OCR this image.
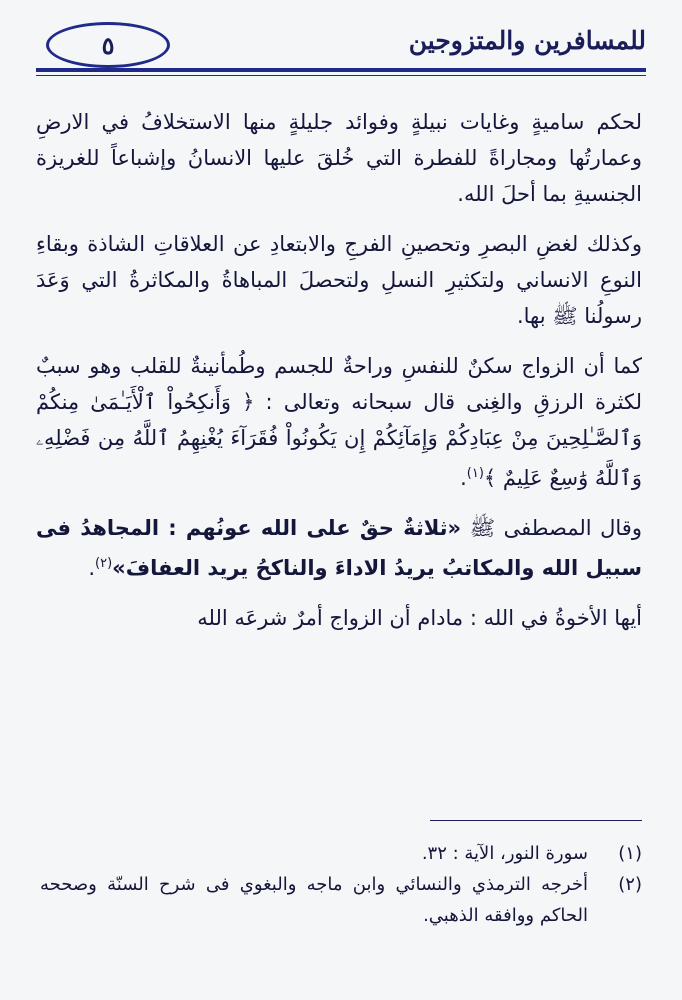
للمسافرين والمتزوجين
٥

لحكم ساميةٍ وغايات نبيلةٍ وفوائد جليلةٍ منها الاستخلافُ في الارضِ وعمارتُها ومجاراةً للفطرة التي خُلقَ عليها الانسانُ وإشباعاً للغريزة الجنسيةِ بما أحلَ الله.

وكذلك لغضِ البصرِ وتحصينِ الفرجِ والابتعادِ عن العلاقاتِ الشاذة وبقاءِ النوعِ الانساني ولتكثيرِ النسلِ ولتحصلَ المباهاةُ والمكاثرةُ التي وَعَدَ رسولُنا ﷺ بها.

كما أن الزواج سكنٌ للنفسِ وراحةٌ للجسم وطُمأنينةٌ للقلب وهو سببٌ لكثرة الرزقِ والغِنى قال سبحانه وتعالى : ﴿ وَأَنكِحُواْ ٱلْأَيَـٰمَىٰ مِنكُمْ وَٱلصَّـٰلِحِينَ مِنْ عِبَادِكُمْ وَإِمَآئِكُمْ إِن يَكُونُواْ فُقَرَآءَ يُغْنِهِمُ ٱللَّهُ مِن فَضْلِهِۦ وَٱللَّهُ وَٰسِعٌ عَلِيمٌ ﴾$^{(١)}$.

وقال المصطفى ﷺ «ثلاثةٌ حقٌ على الله عونُهم : المجاهدُ فى سبيل الله والمكاتبُ يريدُ الاداءَ والناكحُ يريد العفافَ»$^{(٢)}$.

أيها الأخوةُ في الله : مادام أن الزواج أمرٌ شرعَه الله

(١)
سورة النور، الآية : ٣٢.
(٢)
أخرجه الترمذي والنسائي وابن ماجه والبغوي فى شرح السنّة وصححه الحاكم ووافقه الذهبي.
